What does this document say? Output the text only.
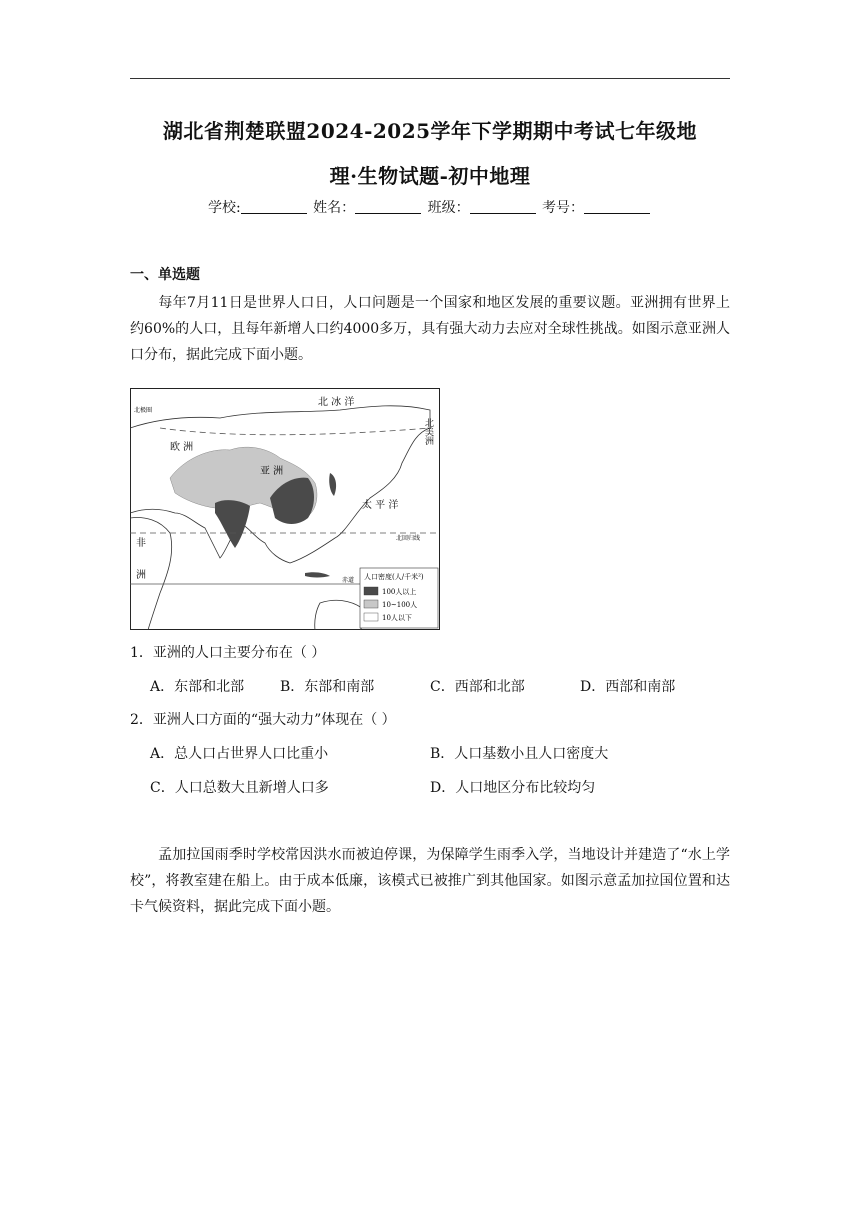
湖北省荆楚联盟2024-2025学年下学期期中考试七年级地
理·生物试题-初中地理
学校:	姓名：	班级：	考号：
一、单选题
每年7月11日是世界人口日，人口问题是一个国家和地区发展的重要议题。亚洲拥有世界上约60%的人口，且每年新增人口约4000多万，具有强大动力去应对全球性挑战。如图示意亚洲人口分布，据此完成下面小题。
北 冰 洋
欧 洲
亚 洲
太 平 洋
非
洲
北美洲
北极圈
北回归线
赤道 人口密度(人/千米²)
100人以上
10~100人
10人以下
1．亚洲的人口主要分布在（ ）
A．东部和北部	B．东部和南部	C．西部和北部	D．西部和南部
2．亚洲人口方面的“强大动力”体现在（ ）
A．总人口占世界人口比重小	B．人口基数小且人口密度大
C．人口总数大且新增人口多	D．人口地区分布比较均匀
孟加拉国雨季时学校常因洪水而被迫停课，为保障学生雨季入学，当地设计并建造了“水上学校”，将教室建在船上。由于成本低廉，该模式已被推广到其他国家。如图示意孟加拉国位置和达卡气候资料，据此完成下面小题。
